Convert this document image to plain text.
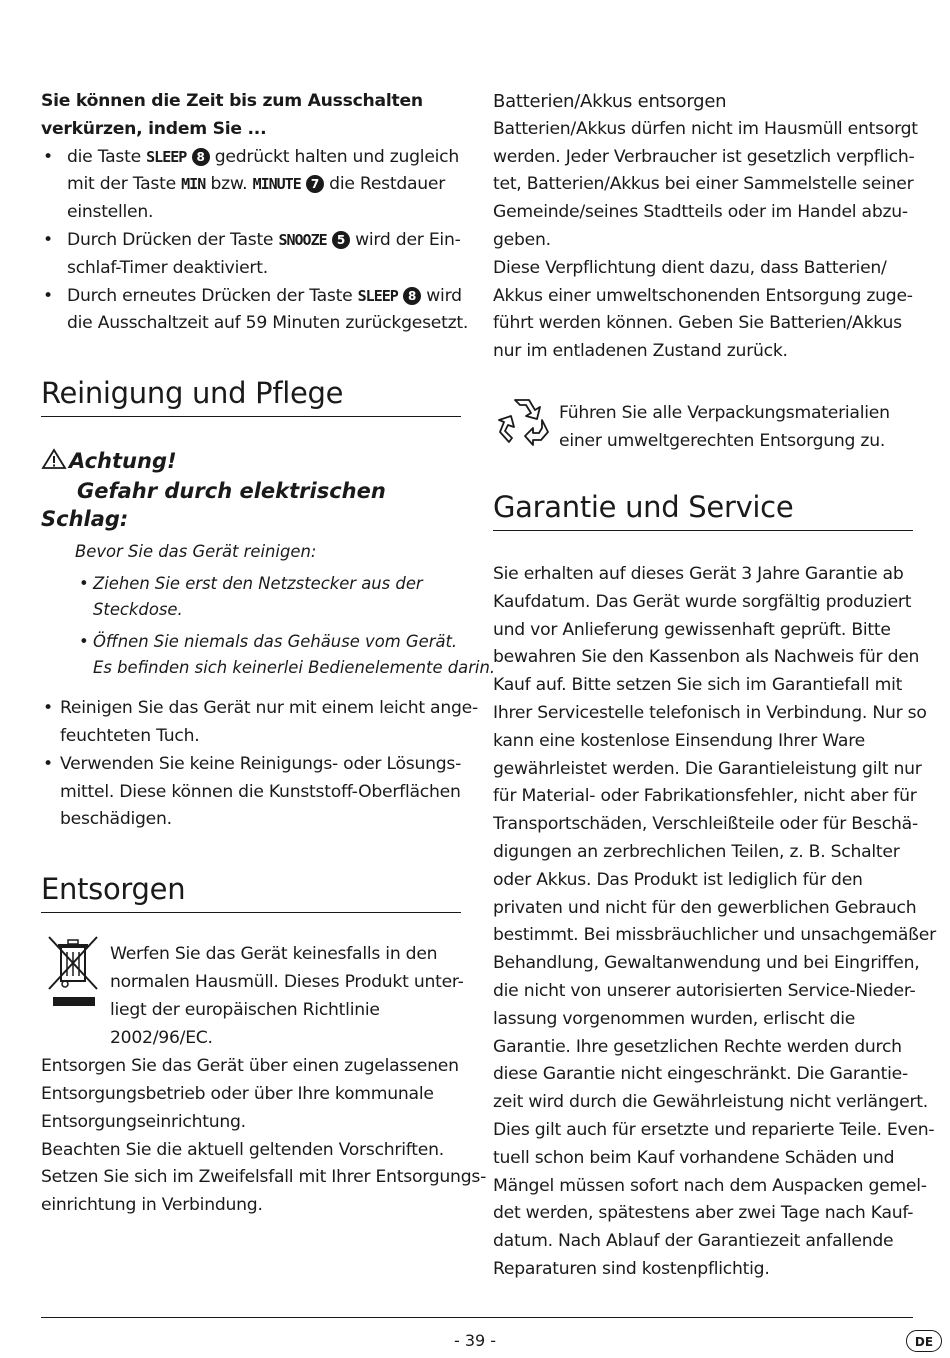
Sie können die Zeit bis zum Ausschalten
verkürzen, indem Sie ...
• die Taste SLEEP 8 gedrückt halten und zugleich
mit der Taste MIN bzw. MINUTE 7 die Restdauer
einstellen.
• Durch Drücken der Taste SNOOZE 5 wird der Ein-
schlaf-Timer deaktiviert.
• Durch erneutes Drücken der Taste SLEEP 8 wird
die Ausschaltzeit auf 59 Minuten zurückgesetzt.
Reinigung und Pflege
Achtung!
Gefahr durch elektrischen Schlag:
Bevor Sie das Gerät reinigen:
• Ziehen Sie erst den Netzstecker aus der
Steckdose.
• Öffnen Sie niemals das Gehäuse vom Gerät.
Es befinden sich keinerlei Bedienelemente darin.
• Reinigen Sie das Gerät nur mit einem leicht ange-
feuchteten Tuch.
• Verwenden Sie keine Reinigungs- oder Lösungs-
mittel. Diese können die Kunststoff-Oberflächen
beschädigen.
Entsorgen
Werfen Sie das Gerät keinesfalls in den
normalen Hausmüll. Dieses Produkt unter-
liegt der europäischen Richtlinie
2002/96/EC.
Entsorgen Sie das Gerät über einen zugelassenen
Entsorgungsbetrieb oder über Ihre kommunale
Entsorgungseinrichtung.
Beachten Sie die aktuell geltenden Vorschriften.
Setzen Sie sich im Zweifelsfall mit Ihrer Entsorgungs-
einrichtung in Verbindung.
Batterien/Akkus entsorgen
Batterien/Akkus dürfen nicht im Hausmüll entsorgt
werden. Jeder Verbraucher ist gesetzlich verpflich-
tet, Batterien/Akkus bei einer Sammelstelle seiner
Gemeinde/seines Stadtteils oder im Handel abzu-
geben.
Diese Verpflichtung dient dazu, dass Batterien/
Akkus einer umweltschonenden Entsorgung zuge-
führt werden können. Geben Sie Batterien/Akkus
nur im entladenen Zustand zurück.
Führen Sie alle Verpackungsmaterialien
einer umweltgerechten Entsorgung zu.
Garantie und Service
Sie erhalten auf dieses Gerät 3 Jahre Garantie ab
Kaufdatum. Das Gerät wurde sorgfältig produziert
und vor Anlieferung gewissenhaft geprüft. Bitte
bewahren Sie den Kassenbon als Nachweis für den
Kauf auf. Bitte setzen Sie sich im Garantiefall mit
Ihrer Servicestelle telefonisch in Verbindung. Nur so
kann eine kostenlose Einsendung Ihrer Ware
gewährleistet werden. Die Garantieleistung gilt nur
für Material- oder Fabrikationsfehler, nicht aber für
Transportschäden, Verschleißteile oder für Beschä-
digungen an zerbrechlichen Teilen, z. B. Schalter
oder Akkus. Das Produkt ist lediglich für den
privaten und nicht für den gewerblichen Gebrauch
bestimmt. Bei missbräuchlicher und unsachgemäßer
Behandlung, Gewaltanwendung und bei Eingriffen,
die nicht von unserer autorisierten Service-Nieder-
lassung vorgenommen wurden, erlischt die
Garantie. Ihre gesetzlichen Rechte werden durch
diese Garantie nicht eingeschränkt. Die Garantie-
zeit wird durch die Gewährleistung nicht verlängert.
Dies gilt auch für ersetzte und reparierte Teile. Even-
tuell schon beim Kauf vorhandene Schäden und
Mängel müssen sofort nach dem Auspacken gemel-
det werden, spätestens aber zwei Tage nach Kauf-
datum. Nach Ablauf der Garantiezeit anfallende
Reparaturen sind kostenpflichtig.
- 39 -	DE
